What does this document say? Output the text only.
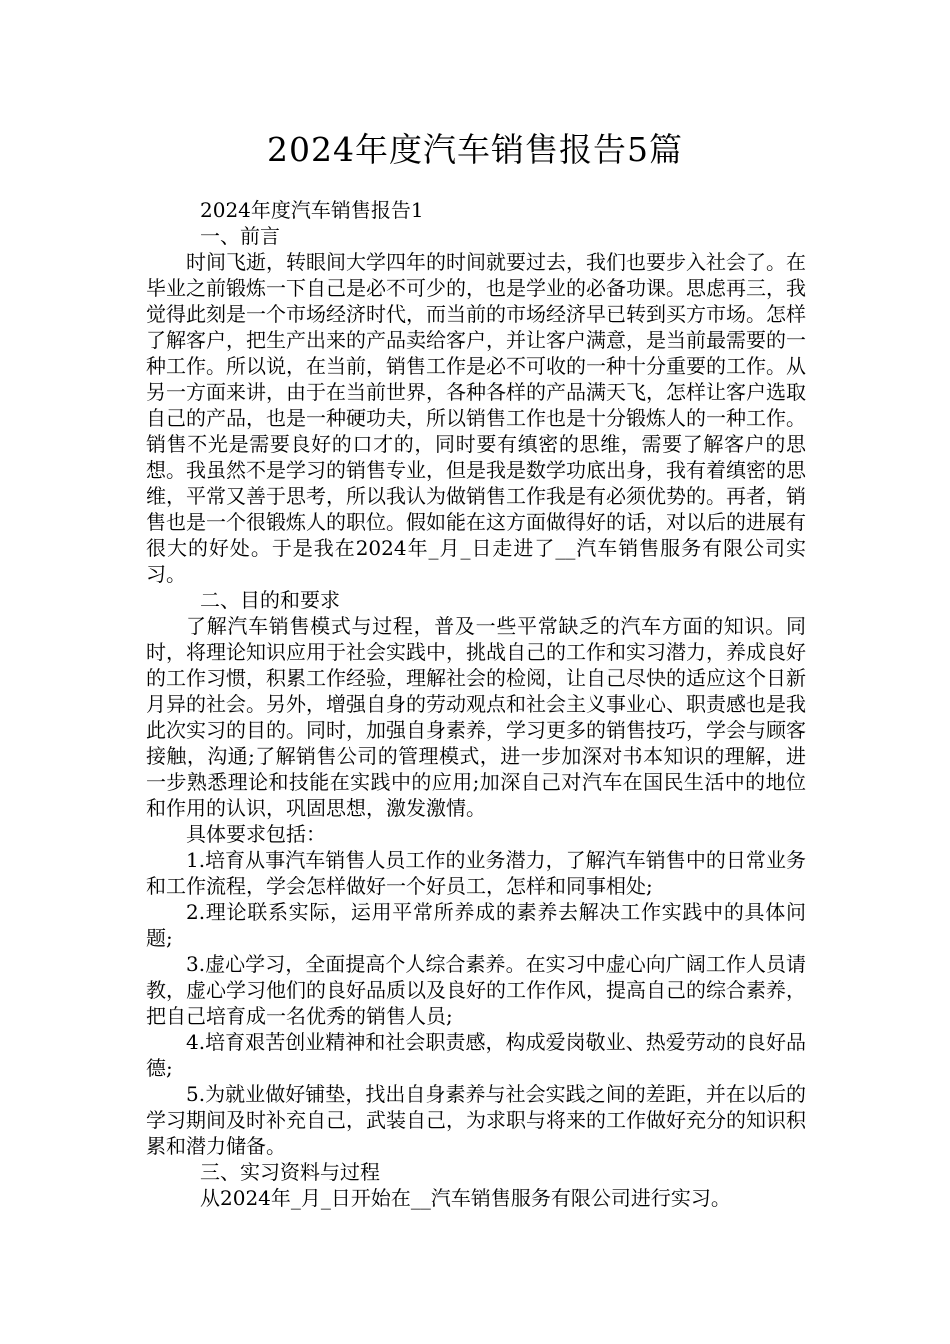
2024年度汽车销售报告5篇

2024年度汽车销售报告1

一、前言

时间飞逝，转眼间大学四年的时间就要过去，我们也要步入社会了。在毕业之前锻炼一下自己是必不可少的，也是学业的必备功课。思虑再三，我觉得此刻是一个市场经济时代，而当前的市场经济早已转到买方市场。怎样了解客户，把生产出来的产品卖给客户，并让客户满意，是当前最需要的一种工作。所以说，在当前，销售工作是必不可收的一种十分重要的工作。从另一方面来讲，由于在当前世界，各种各样的产品满天飞，怎样让客户选取自己的产品，也是一种硬功夫，所以销售工作也是十分锻炼人的一种工作。销售不光是需要良好的口才的，同时要有缜密的思维，需要了解客户的思想。我虽然不是学习的销售专业，但是我是数学功底出身，我有着缜密的思维，平常又善于思考，所以我认为做销售工作我是有必须优势的。再者，销售也是一个很锻炼人的职位。假如能在这方面做得好的话，对以后的进展有很大的好处。于是我在2024年_月_日走进了__汽车销售服务有限公司实习。

二、目的和要求

了解汽车销售模式与过程，普及一些平常缺乏的汽车方面的知识。同时，将理论知识应用于社会实践中，挑战自己的工作和实习潜力，养成良好的工作习惯，积累工作经验，理解社会的检阅，让自己尽快的适应这个日新月异的社会。另外，增强自身的劳动观点和社会主义事业心、职责感也是我此次实习的目的。同时，加强自身素养，学习更多的销售技巧，学会与顾客接触，沟通;了解销售公司的管理模式，进一步加深对书本知识的理解，进一步熟悉理论和技能在实践中的应用;加深自己对汽车在国民生活中的地位和作用的认识，巩固思想，激发激情。

具体要求包括：

1.培育从事汽车销售人员工作的业务潜力，了解汽车销售中的日常业务和工作流程，学会怎样做好一个好员工，怎样和同事相处;

2.理论联系实际，运用平常所养成的素养去解决工作实践中的具体问题;

3.虚心学习，全面提高个人综合素养。在实习中虚心向广阔工作人员请教，虚心学习他们的良好品质以及良好的工作作风，提高自己的综合素养，把自己培育成一名优秀的销售人员;

4.培育艰苦创业精神和社会职责感，构成爱岗敬业、热爱劳动的良好品德;

5.为就业做好铺垫，找出自身素养与社会实践之间的差距，并在以后的学习期间及时补充自己，武装自己，为求职与将来的工作做好充分的知识积累和潜力储备。

三、实习资料与过程

从2024年_月_日开始在__汽车销售服务有限公司进行实习。
